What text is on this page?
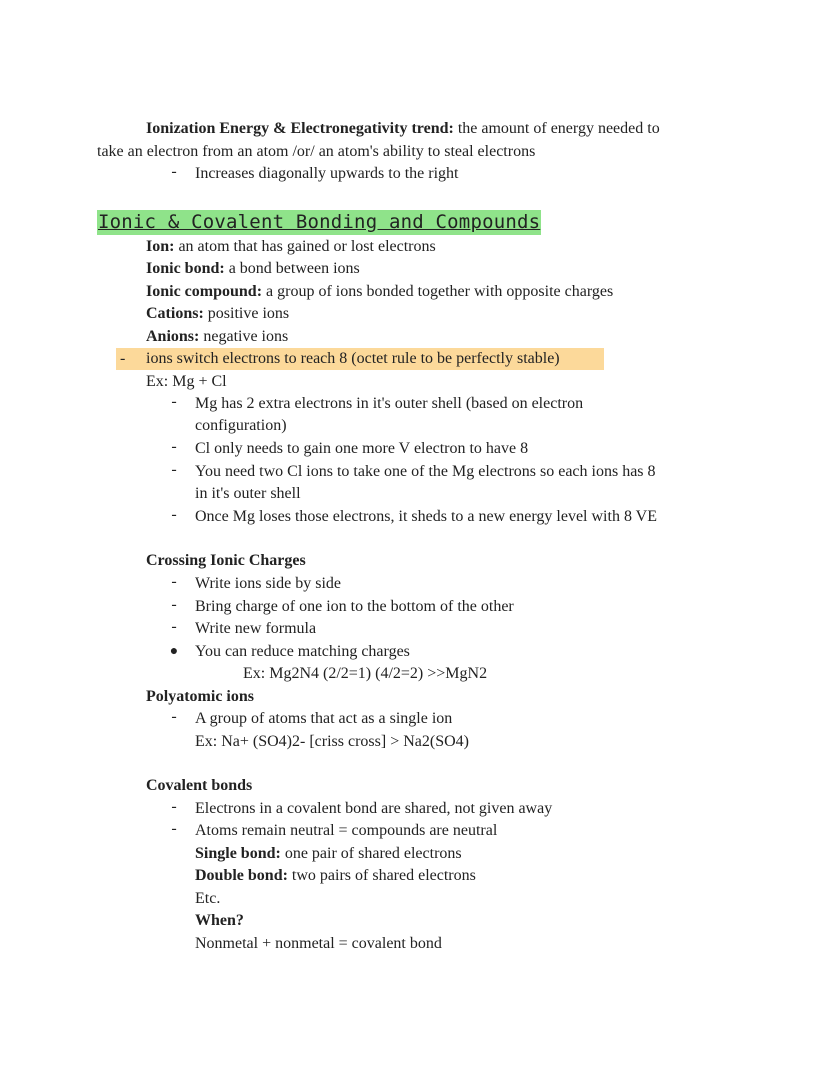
Ionization Energy & Electronegativity trend: the amount of energy needed to
take an electron from an atom /or/ an atom's ability to steal electrons
- Increases diagonally upwards to the right
Ionic & Covalent Bonding and Compounds
Ion: an atom that has gained or lost electrons
Ionic bond: a bond between ions
Ionic compound: a group of ions bonded together with opposite charges
Cations: positive ions
Anions: negative ions
- ions switch electrons to reach 8 (octet rule to be perfectly stable)
Ex: Mg + Cl
- Mg has 2 extra electrons in it's outer shell (based on electron
configuration)
- Cl only needs to gain one more V electron to have 8
- You need two Cl ions to take one of the Mg electrons so each ions has 8
in it's outer shell
- Once Mg loses those electrons, it sheds to a new energy level with 8 VE
Crossing Ionic Charges
- Write ions side by side
- Bring charge of one ion to the bottom of the other
- Write new formula
● You can reduce matching charges
Ex: Mg2N4 (2/2=1) (4/2=2) >>MgN2
Polyatomic ions
- A group of atoms that act as a single ion
Ex: Na+ (SO4)2- [criss cross] > Na2(SO4)
Covalent bonds
- Electrons in a covalent bond are shared, not given away
- Atoms remain neutral = compounds are neutral
Single bond: one pair of shared electrons
Double bond: two pairs of shared electrons
Etc.
When?
Nonmetal + nonmetal = covalent bond
